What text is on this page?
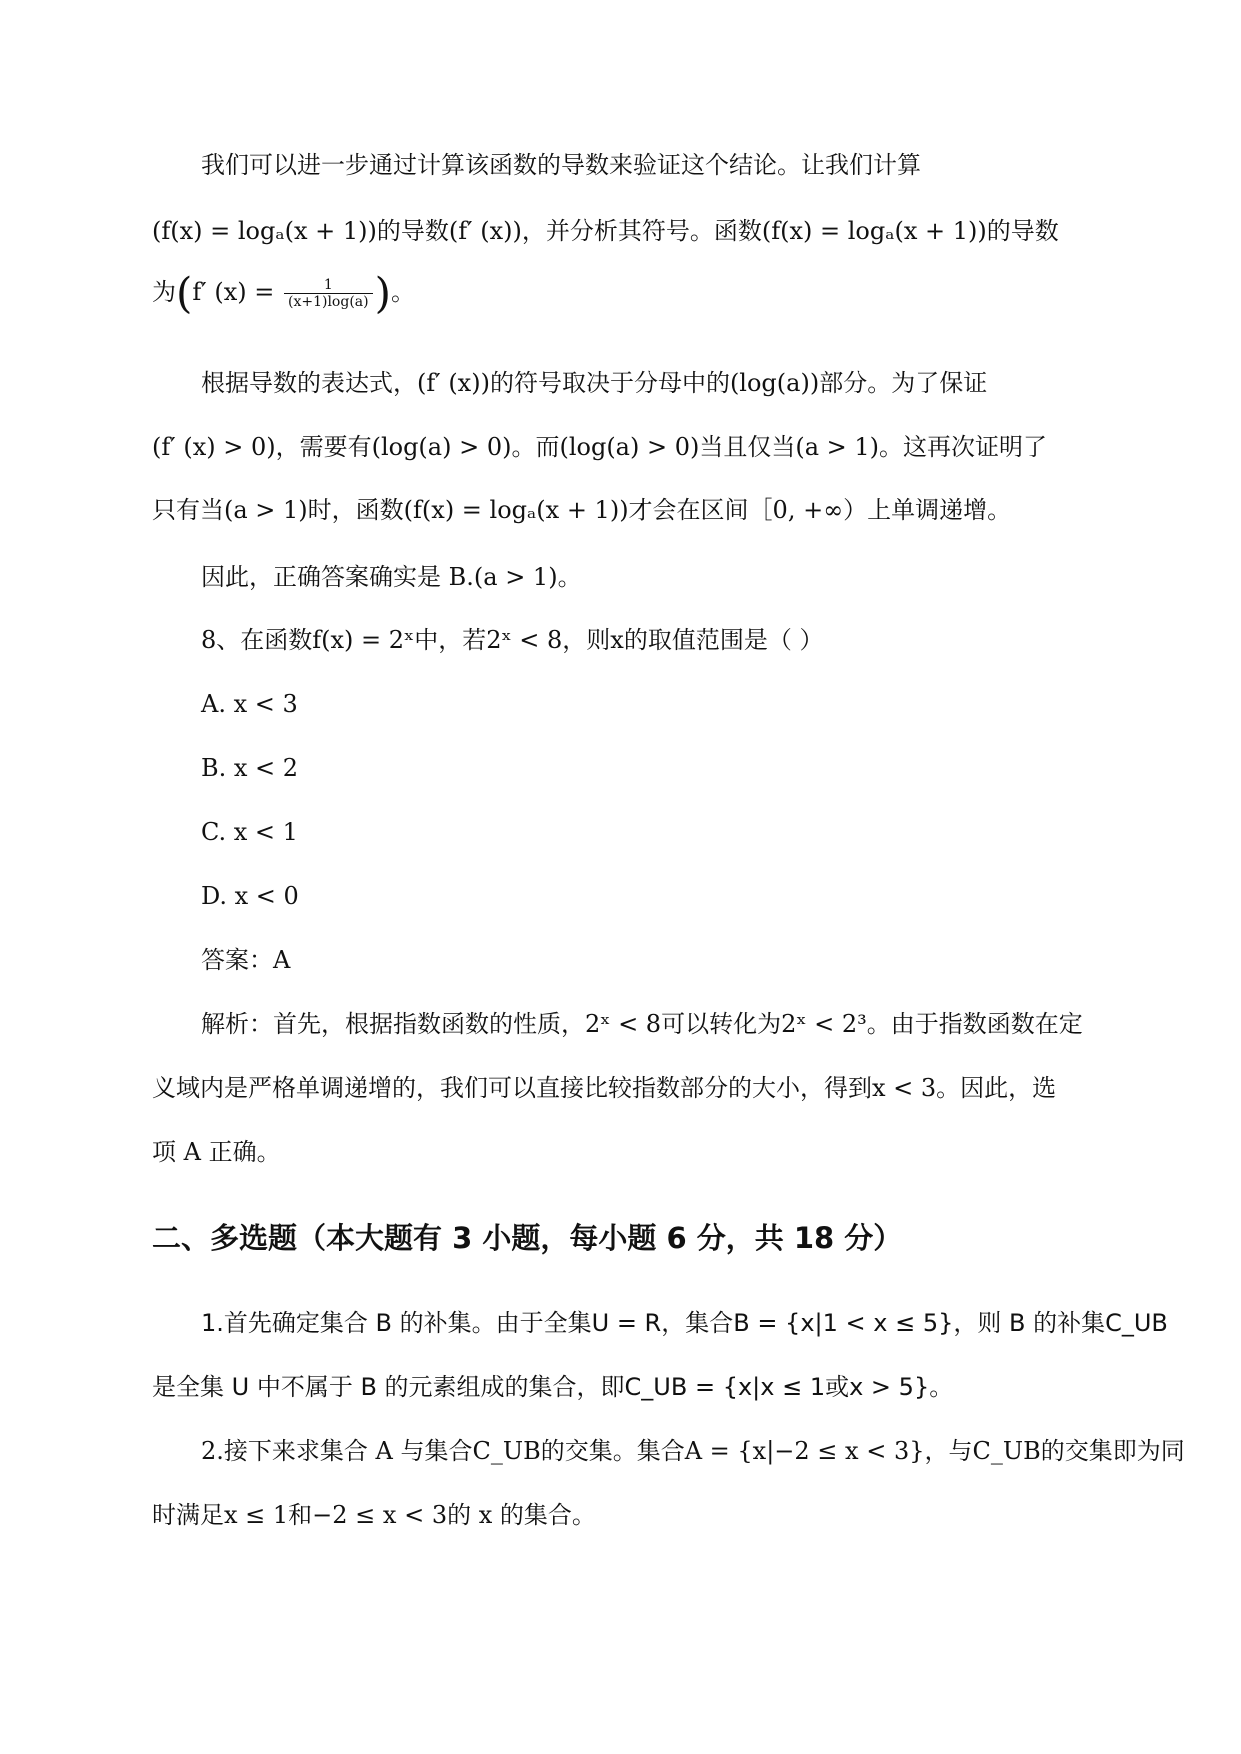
我们可以进一步通过计算该函数的导数来验证这个结论。让我们计算
(f(x) = logₐ(x + 1))的导数(f′ (x))，并分析其符号。函数(f(x) = logₐ(x + 1))的导数
为(f′ $(x) = \frac{1}{(x+1)\log(a)}$ )。
根据导数的表达式，(f′ (x))的符号取决于分母中的(log(a))部分。为了保证
(f′ (x) > 0)，需要有(log(a) > 0)。而(log(a) > 0)当且仅当(a > 1)。这再次证明了
只有当(a > 1)时，函数(f(x) = logₐ(x + 1))才会在区间［0, +∞）上单调递增。
因此，正确答案确实是 B.(a > 1)。
8、在函数f(x) = 2ˣ中，若2ˣ < 8，则x的取值范围是（ ）
A. x < 3
B. x < 2
C. x < 1
D. x < 0
答案：A
解析：首先，根据指数函数的性质，2ˣ < 8可以转化为2ˣ < 2³。由于指数函数在定
义域内是严格单调递增的，我们可以直接比较指数部分的大小，得到x < 3。因此，选
项 A 正确。
二、多选题（本大题有 3 小题，每小题 6 分，共 18 分）
1.首先确定集合 B 的补集。由于全集U = R，集合B = {x|1 < x ≤ 5}，则 B 的补集C_UB
是全集 U 中不属于 B 的元素组成的集合，即C_UB = {x|x ≤ 1或x > 5}。
2.接下来求集合 A 与集合C_UB的交集。集合A = {x|−2 ≤ x < 3}，与C_UB的交集即为同
时满足x ≤ 1和−2 ≤ x < 3的 x 的集合。
